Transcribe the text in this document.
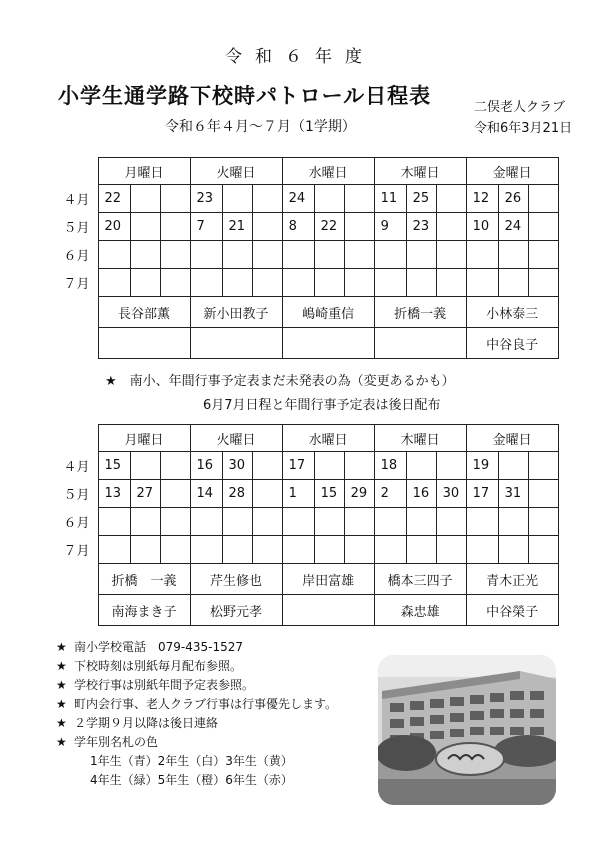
令和６年度
小学生通学路下校時パトロール日程表
令和６年４月～７月（1学期）
二俣老人クラブ
令和6年3月21日
	月曜日			火曜日			水曜日			木曜日			金曜日		
４月	22			23			24			11	25		12	26	
５月	20			7	21		8	22		9	23		10	24	
６月															
７月															
	長谷部薫			新小田教子			嶋崎重信			折橋一義			小林泰三		
													中谷良子		
★　南小、年間行事予定表まだ未発表の為（変更あるかも）
6月7月日程と年間行事予定表は後日配布
	月曜日			火曜日			水曜日			木曜日			金曜日		
４月	15			16	30		17			18			19		
５月	13	27		14	28		1	15	29	2	16	30	17	31	
６月															
７月															
	折橋　一義			芹生修也			岸田富雄			橋本三四子			青木正光		
	南海まき子			松野元孝						森忠雄			中谷榮子		
★ 南小学校電話　079-435-1527
★ 下校時刻は別紙毎月配布参照。
★ 学校行事は別紙年間予定表参照。
★ 町内会行事、老人クラブ行事は行事優先します。
★ ２学期９月以降は後日連絡
★ 学年別名札の色
1年生（青）2年生（白）3年生（黄）
4年生（緑）5年生（橙）6年生（赤）
